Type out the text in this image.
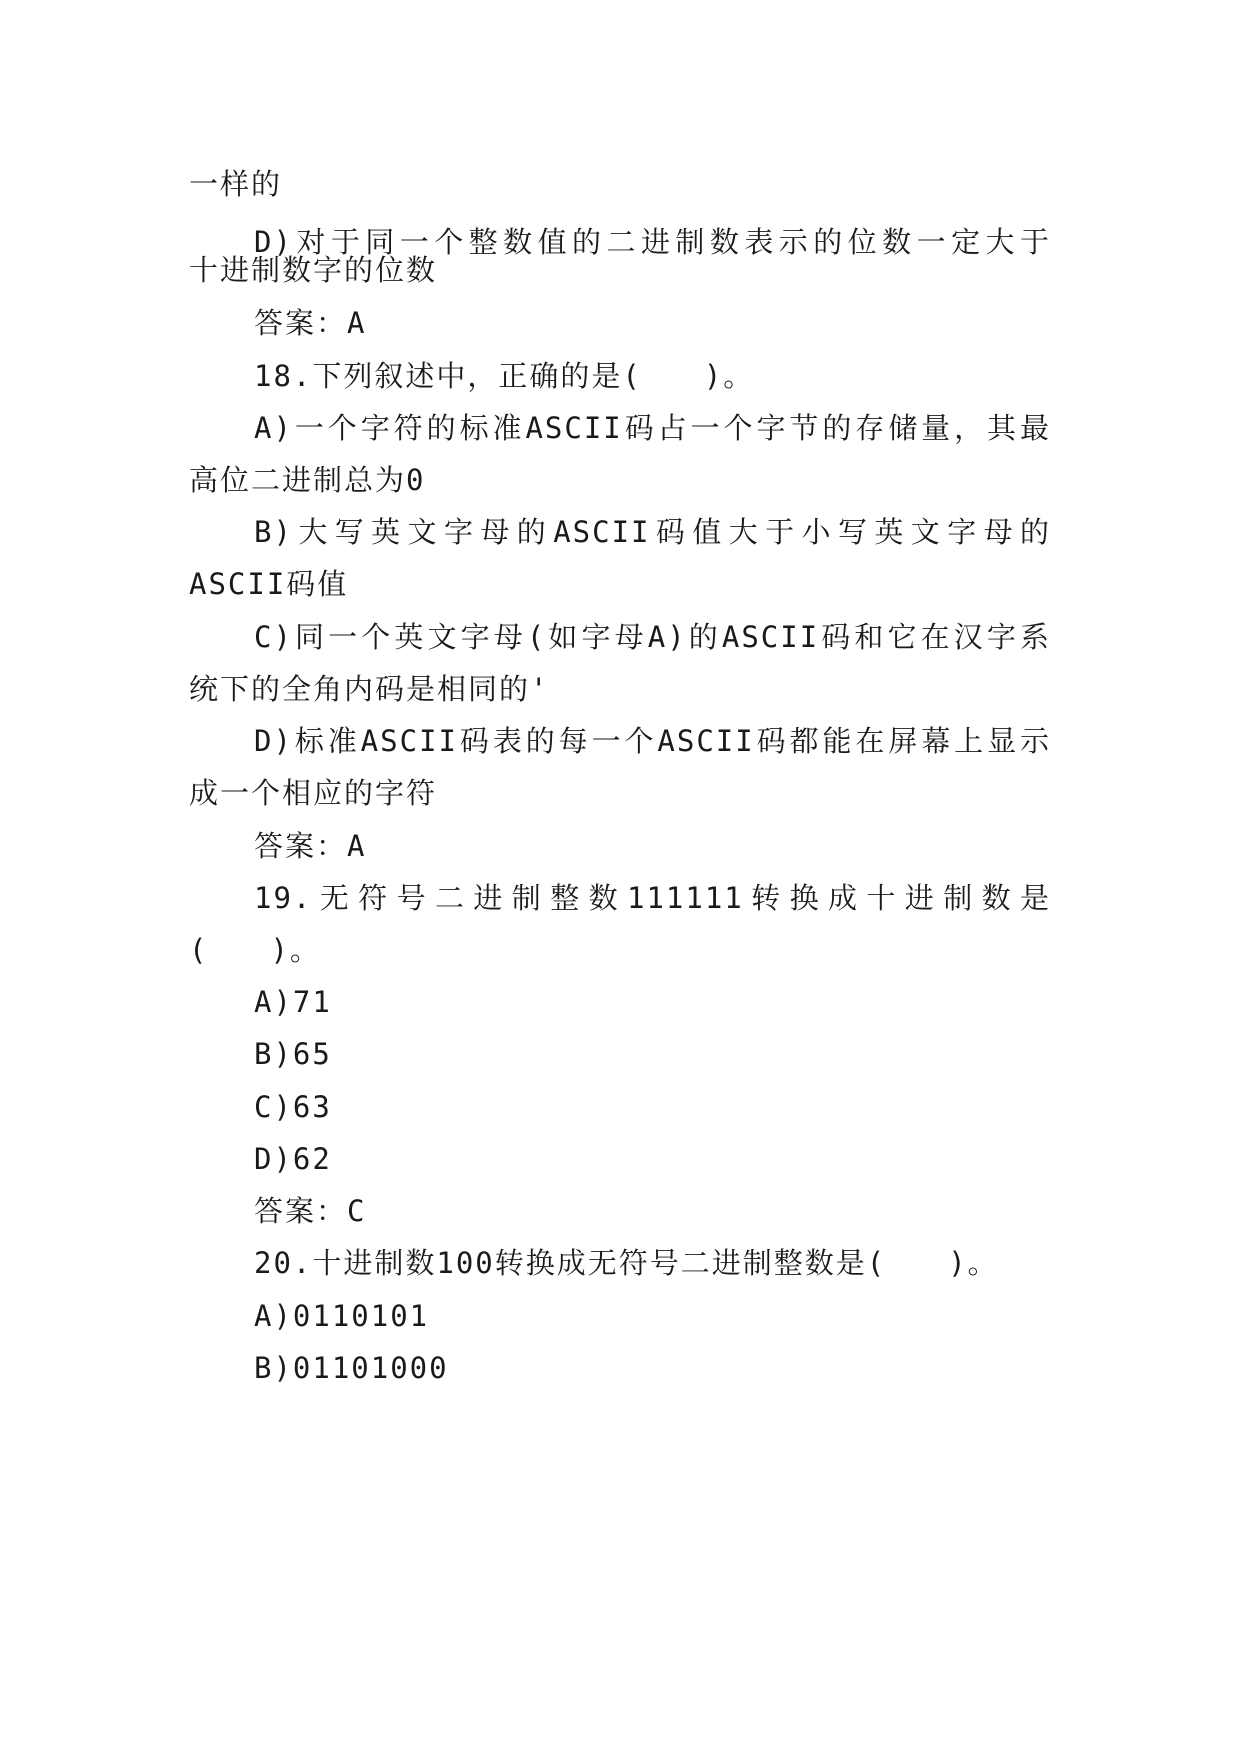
一样的
D)对于同一个整数值的二进制数表示的位数一定大于
十进制数字的位数
答案：A
18.下列叙述中，正确的是(　　)。
A)一个字符的标准ASCII码占一个字节的存储量，其最
高位二进制总为0
B)大写英文字母的ASCII码值大于小写英文字母的
ASCII码值
C)同一个英文字母(如字母A)的ASCII码和它在汉字系
统下的全角内码是相同的'
D)标准ASCII码表的每一个ASCII码都能在屏幕上显示
成一个相应的字符
答案：A
19.无符号二进制整数111111转换成十进制数是
(　　)。
A)71
B)65
C)63
D)62
答案：C
20.十进制数100转换成无符号二进制整数是(　　)。
A)0110101
B)01101000
